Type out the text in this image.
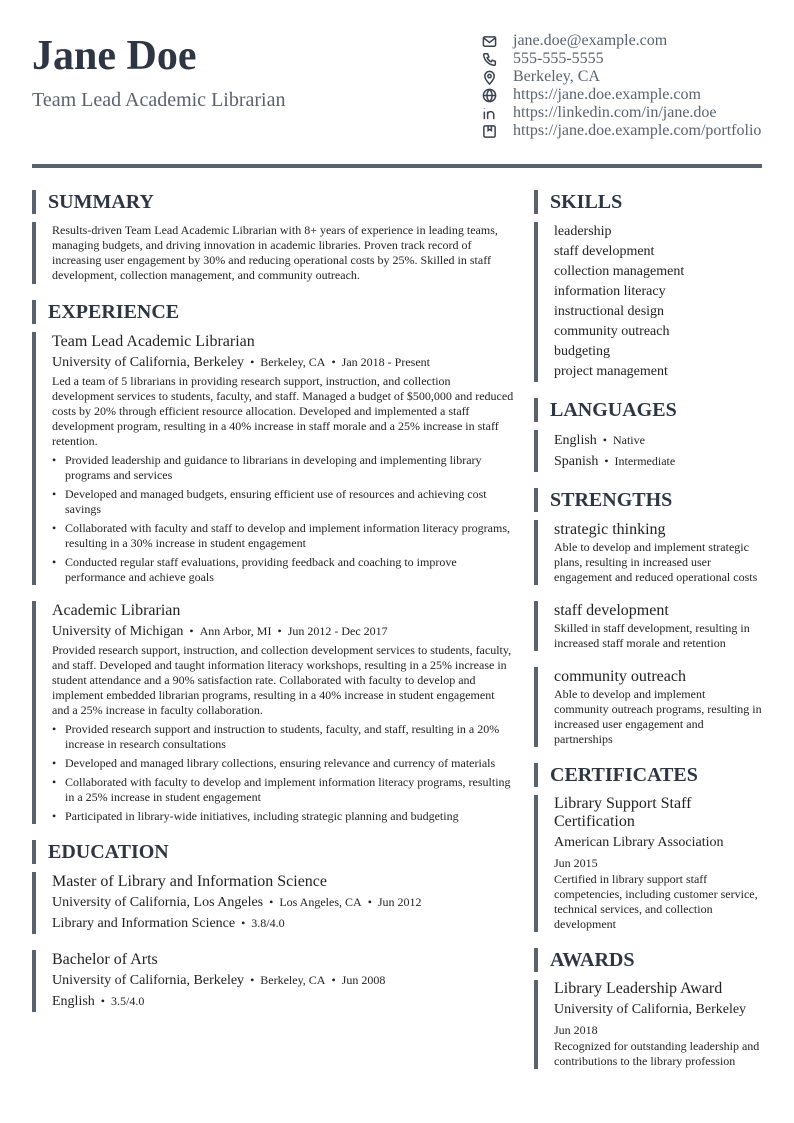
Jane Doe
Team Lead Academic Librarian
jane.doe@example.com
555-555-5555
Berkeley, CA
https://jane.doe.example.com
https://linkedin.com/in/jane.doe
https://jane.doe.example.com/portfolio
SUMMARY
Results-driven Team Lead Academic Librarian with 8+ years of experience in leading teams, managing budgets, and driving innovation in academic libraries. Proven track record of increasing user engagement by 30% and reducing operational costs by 25%. Skilled in staff development, collection management, and community outreach.
EXPERIENCE
Team Lead Academic Librarian
University of California, Berkeley • Berkeley, CA • Jan 2018 - Present
Led a team of 5 librarians in providing research support, instruction, and collection development services to students, faculty, and staff. Managed a budget of $500,000 and reduced costs by 20% through efficient resource allocation. Developed and implemented a staff development program, resulting in a 40% increase in staff morale and a 25% increase in staff retention.
• Provided leadership and guidance to librarians in developing and implementing library programs and services
• Developed and managed budgets, ensuring efficient use of resources and achieving cost savings
• Collaborated with faculty and staff to develop and implement information literacy programs, resulting in a 30% increase in student engagement
• Conducted regular staff evaluations, providing feedback and coaching to improve performance and achieve goals
Academic Librarian
University of Michigan • Ann Arbor, MI • Jun 2012 - Dec 2017
Provided research support, instruction, and collection development services to students, faculty, and staff. Developed and taught information literacy workshops, resulting in a 25% increase in student attendance and a 90% satisfaction rate. Collaborated with faculty to develop and implement embedded librarian programs, resulting in a 40% increase in student engagement and a 25% increase in faculty collaboration.
• Provided research support and instruction to students, faculty, and staff, resulting in a 20% increase in research consultations
• Developed and managed library collections, ensuring relevance and currency of materials
• Collaborated with faculty to develop and implement information literacy programs, resulting in a 25% increase in student engagement
• Participated in library-wide initiatives, including strategic planning and budgeting
EDUCATION
Master of Library and Information Science
University of California, Los Angeles • Los Angeles, CA • Jun 2012
Library and Information Science • 3.8/4.0
Bachelor of Arts
University of California, Berkeley • Berkeley, CA • Jun 2008
English • 3.5/4.0
SKILLS
leadership
staff development
collection management
information literacy
instructional design
community outreach
budgeting
project management
LANGUAGES
English • Native
Spanish • Intermediate
STRENGTHS
strategic thinking
Able to develop and implement strategic plans, resulting in increased user engagement and reduced operational costs
staff development
Skilled in staff development, resulting in increased staff morale and retention
community outreach
Able to develop and implement community outreach programs, resulting in increased user engagement and partnerships
CERTIFICATES
Library Support Staff Certification
American Library Association
Jun 2015
Certified in library support staff competencies, including customer service, technical services, and collection development
AWARDS
Library Leadership Award
University of California, Berkeley
Jun 2018
Recognized for outstanding leadership and contributions to the library profession
